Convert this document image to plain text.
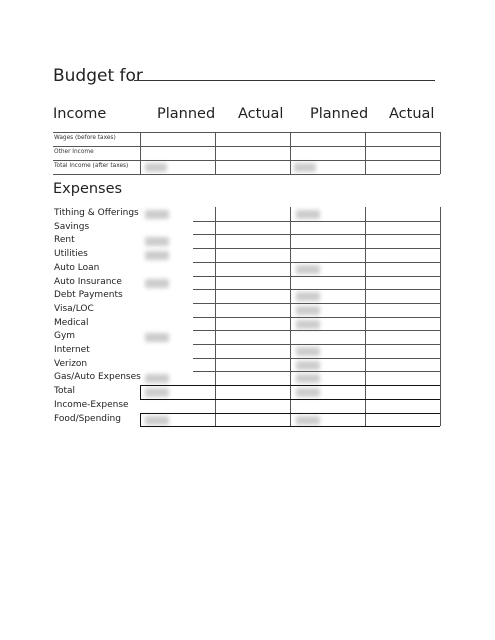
Budget for
Income	Planned Actual Planned Actual
Wages (before taxes)
Other Income
Total Income (after taxes)
Expenses
Tithing & Offerings
Savings
Rent
Utilities
Auto Loan
Auto Insurance
Debt Payments
Visa/LOC
Medical
Gym
Internet
Verizon
Gas/Auto Expenses
Total
Income-Expense
Food/Spending
